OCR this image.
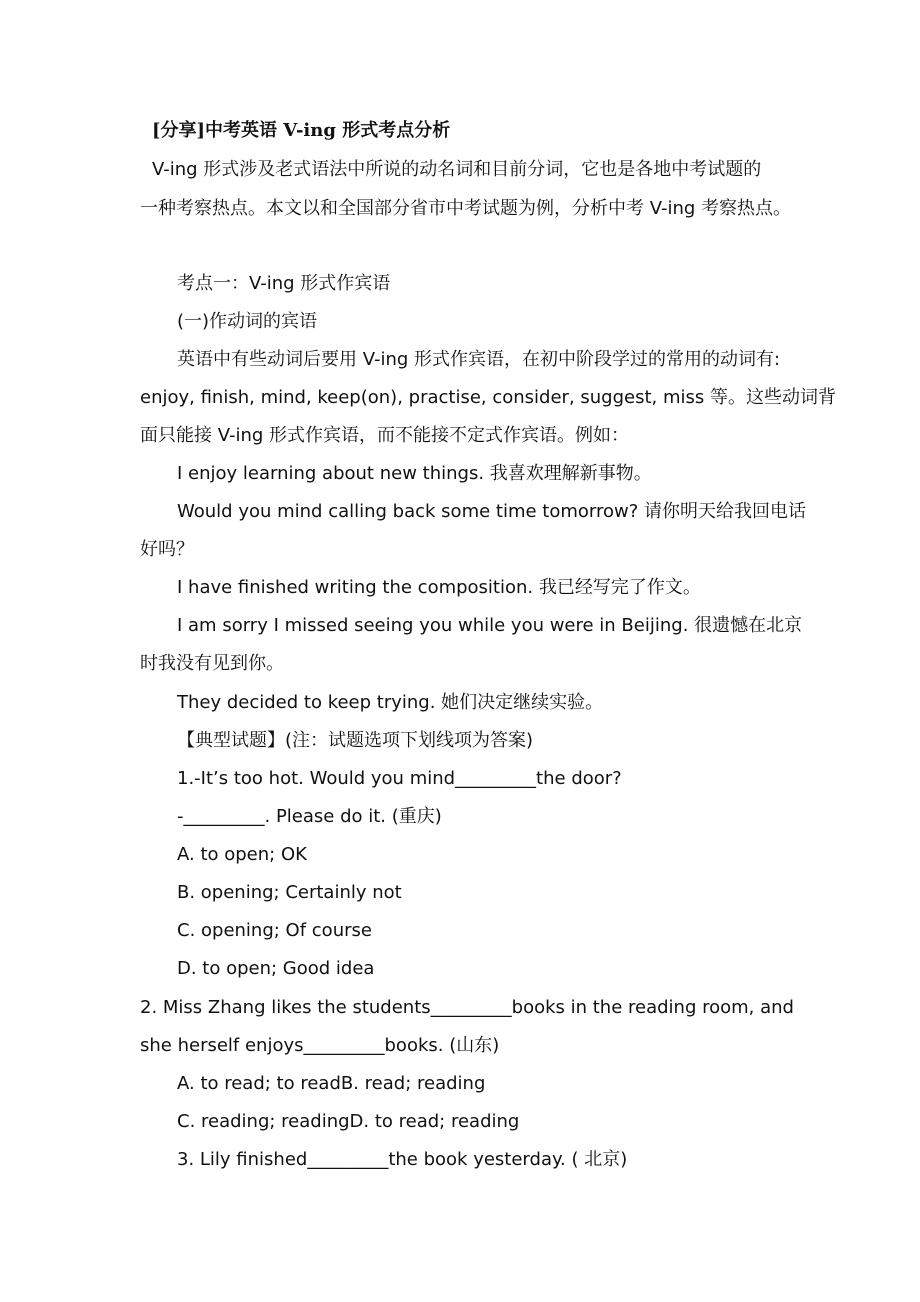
[分享]中考英语 V-ing 形式考点分析
V-ing 形式涉及老式语法中所说的动名词和目前分词，它也是各地中考试题的
一种考察热点。本文以和全国部分省市中考试题为例，分析中考 V-ing 考察热点。
考点一：V-ing 形式作宾语
(一)作动词的宾语
英语中有些动词后要用 V-ing 形式作宾语，在初中阶段学过的常用的动词有:
enjoy, finish, mind, keep(on), practise, consider, suggest, miss 等。这些动词背
面只能接 V-ing 形式作宾语，而不能接不定式作宾语。例如：
I enjoy learning about new things. 我喜欢理解新事物。
Would you mind calling back some time tomorrow? 请你明天给我回电话
好吗？
I have finished writing the composition. 我已经写完了作文。
I am sorry I missed seeing you while you were in Beijing. 很遗憾在北京
时我没有见到你。
They decided to keep trying. 她们决定继续实验。
【典型试题】(注：试题选项下划线项为答案)
1.-It’s too hot. Would you mind_________the door?
-_________. Please do it. (重庆)
A. to open; OK
B. opening; Certainly not
C. opening; Of course
D. to open; Good idea
2. Miss Zhang likes the students_________books in the reading room, and
she herself enjoys_________books. (山东)
A. to read; to readB. read; reading
C. reading; readingD. to read; reading
3. Lily finished_________the book yesterday. ( 北京)
